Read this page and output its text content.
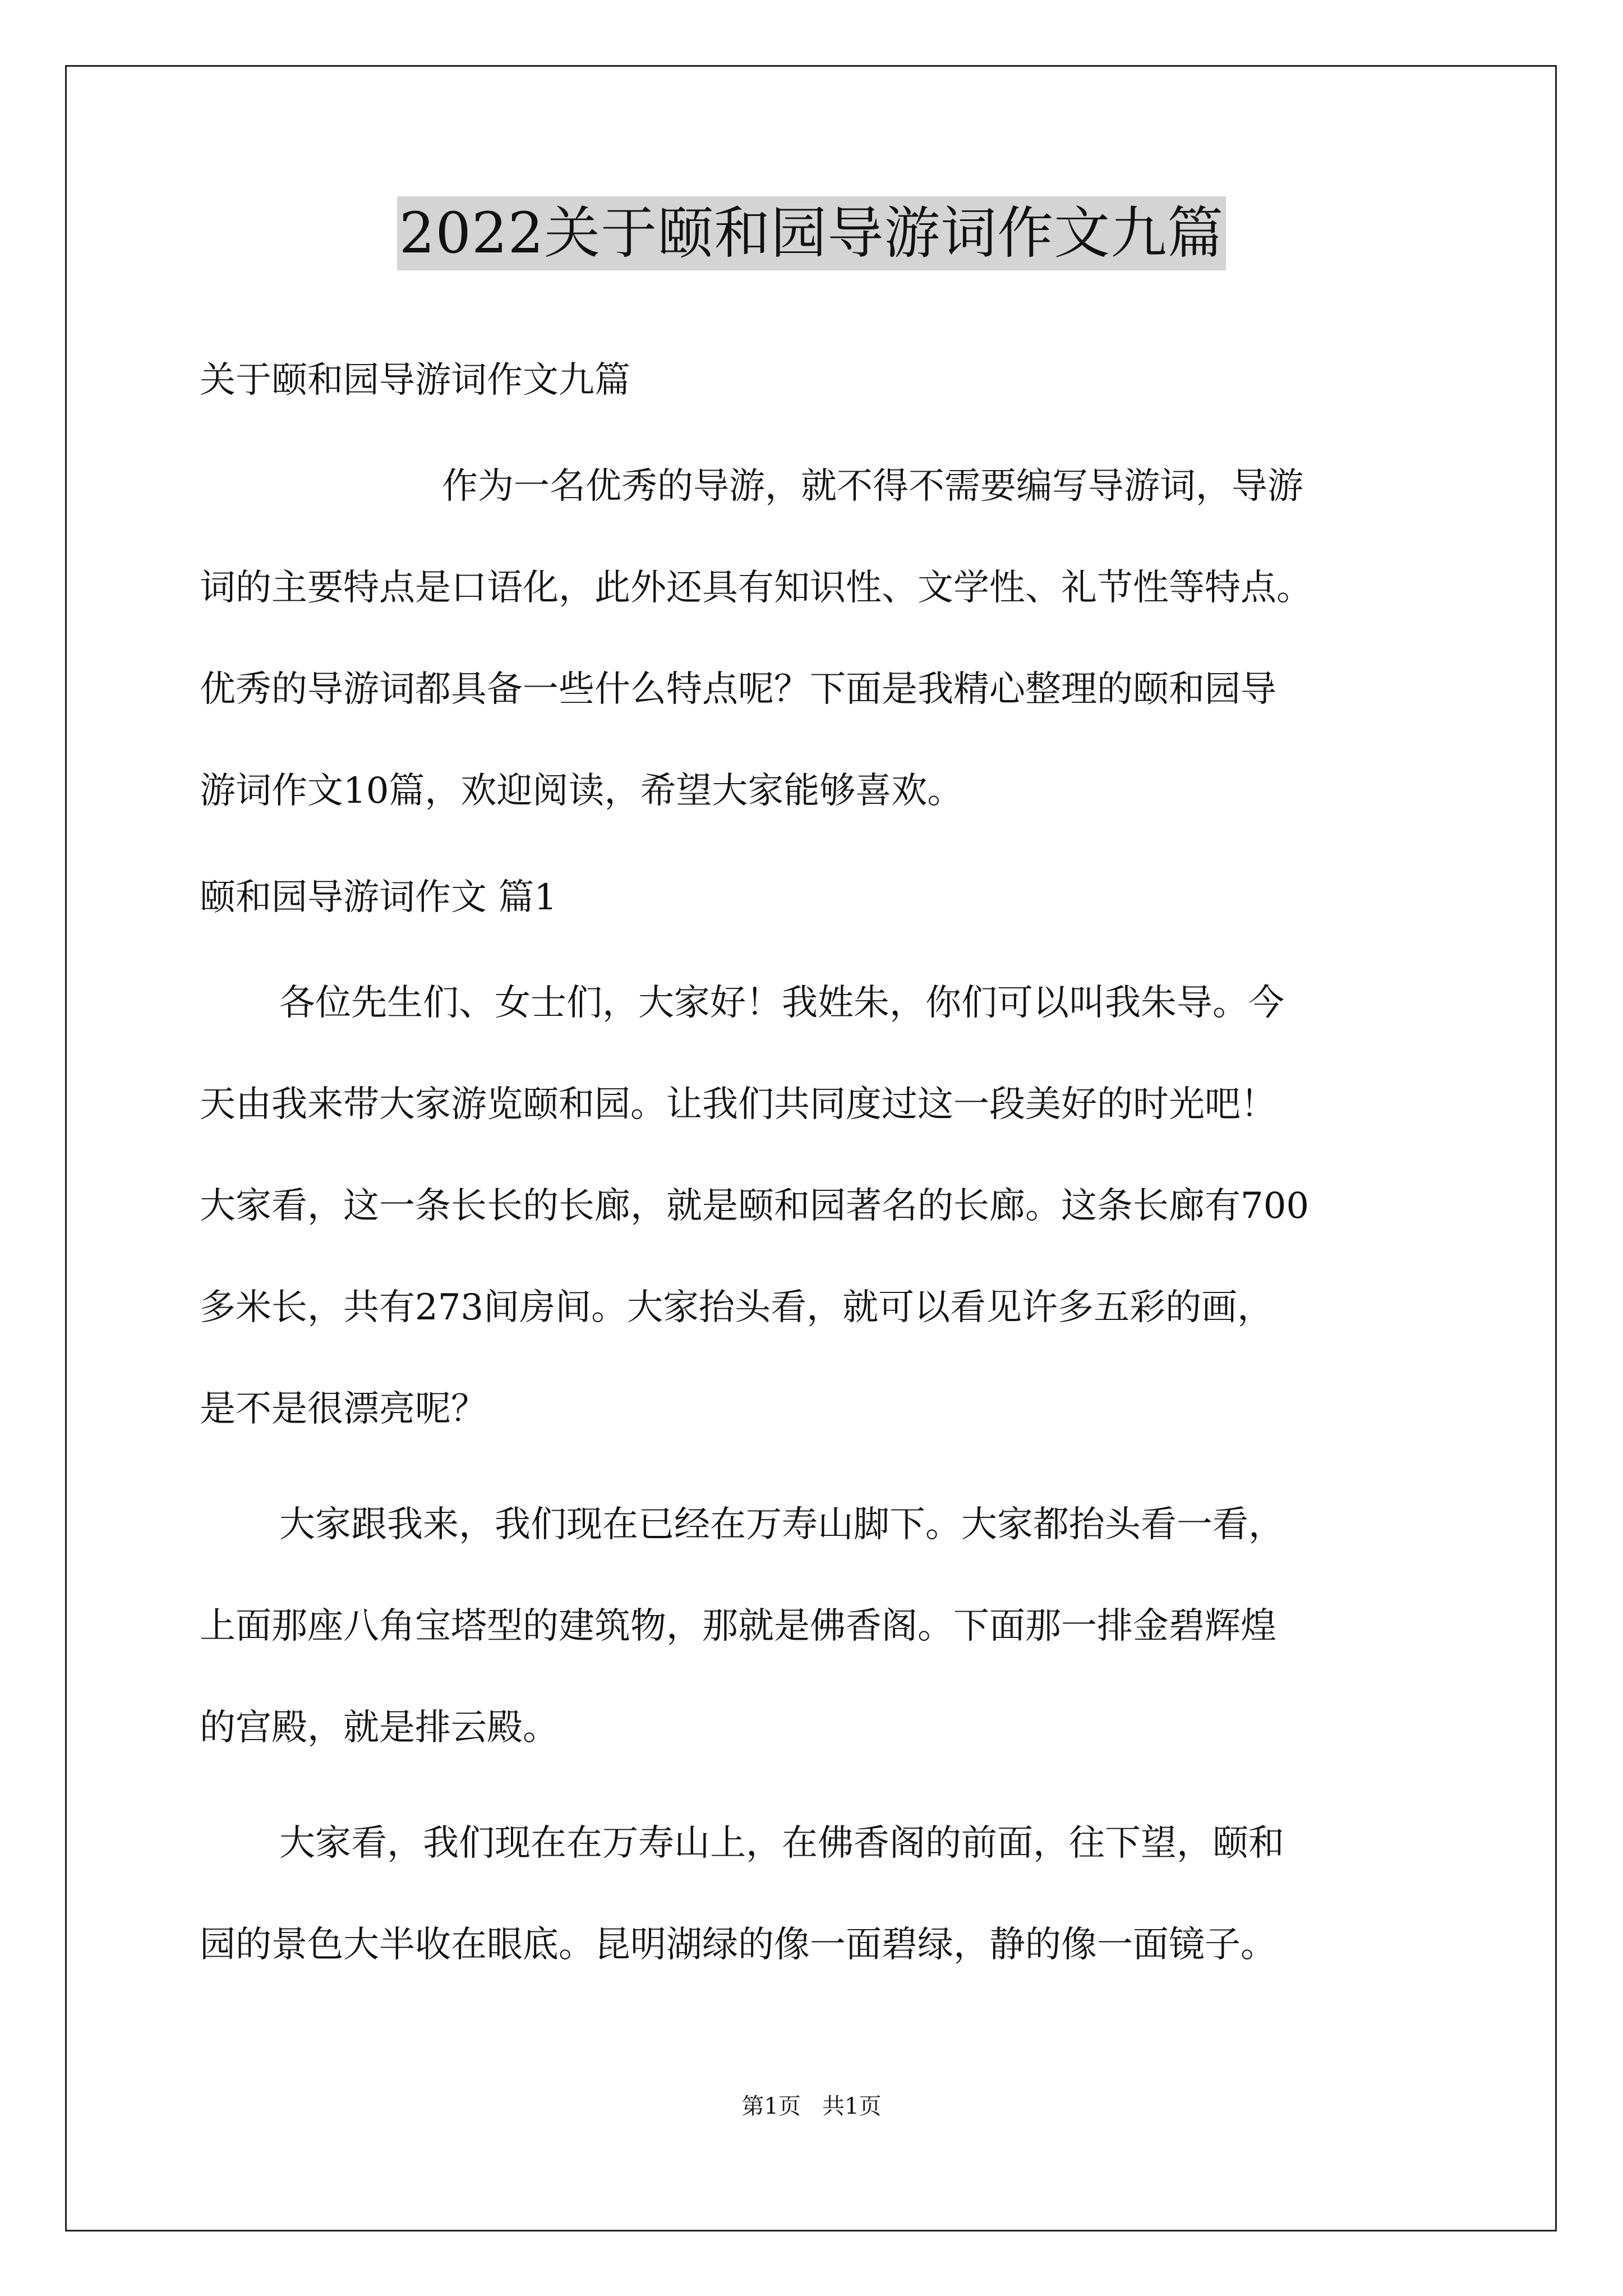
2022关于颐和园导游词作文九篇
关于颐和园导游词作文九篇
作为一名优秀的导游，就不得不需要编写导游词，导游
词的主要特点是口语化，此外还具有知识性、文学性、礼节性等特点。
优秀的导游词都具备一些什么特点呢？下面是我精心整理的颐和园导
游词作文10篇，欢迎阅读，希望大家能够喜欢。
颐和园导游词作文 篇1
各位先生们、女士们，大家好！我姓朱，你们可以叫我朱导。今
天由我来带大家游览颐和园。让我们共同度过这一段美好的时光吧！
大家看，这一条长长的长廊，就是颐和园著名的长廊。这条长廊有700
多米长，共有273间房间。大家抬头看，就可以看见许多五彩的画，
是不是很漂亮呢？
大家跟我来，我们现在已经在万寿山脚下。大家都抬头看一看，
上面那座八角宝塔型的建筑物，那就是佛香阁。下面那一排金碧辉煌
的宫殿，就是排云殿。
大家看，我们现在在万寿山上，在佛香阁的前面，往下望，颐和
园的景色大半收在眼底。昆明湖绿的像一面碧绿，静的像一面镜子。
第1页   共1页
